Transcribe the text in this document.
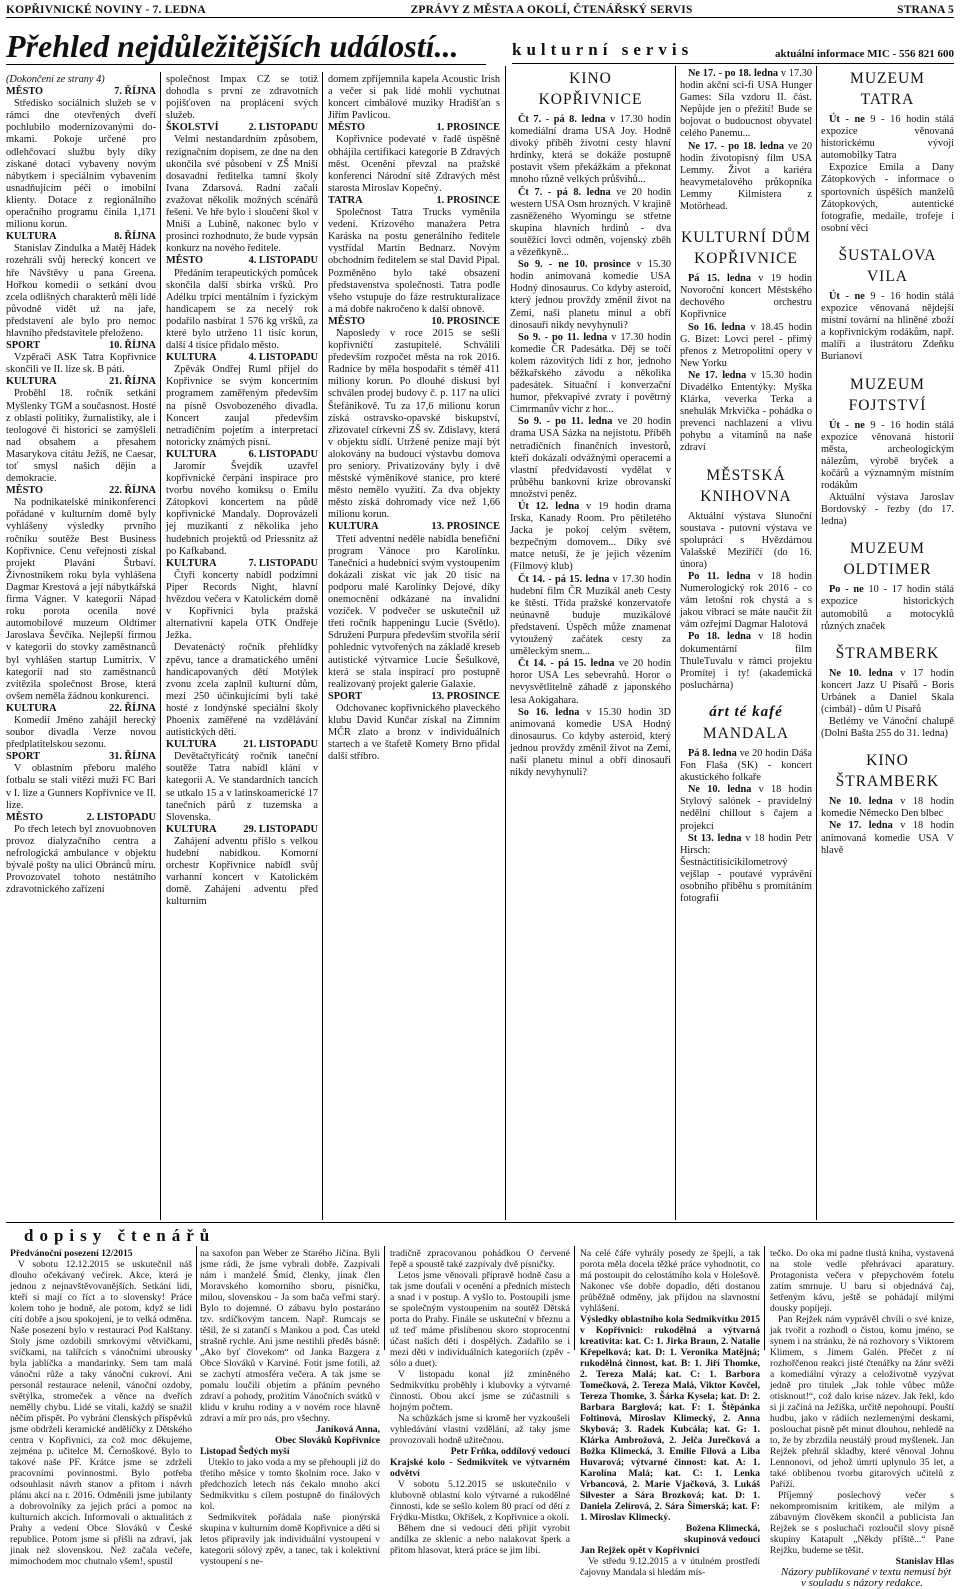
KOPŘIVNICKÉ NOVINY - 7. LEDNA	ZPRÁVY Z MĚSTA A OKOLÍ, ČTENÁŘSKÝ SERVIS	STRANA 5
Přehled nejdůležitějších událostí...	kulturní servis	aktuální informace MIC - 556 821 600

(Dokončení ze strany 4)

MĚSTO	7. ŘÍJNA

Středisko sociálních služeb se v rámci dne otevřených dveří pochlubilo modernizovanými do-mkami. Pokoje určené pro odlehčovací službu byly díky získané dotaci vybaveny novým nábytkem i speciálním vybavením usnadňujícím péči o imobilní klienty. Dotace z regionálního operačního programu činila 1,171 milionu korun.

KULTURA	8. ŘÍJNA

Stanislav Zindulka a Matěj Hádek rozehráli svůj herecký koncert ve hře Návštěvy u pana Greena. Hořkou komedii o setkání dvou zcela odlišných charakterů měli lidé původně vidět už na jaře, představení ale bylo pro nemoc hlavního představitele přeloženo.

SPORT	10. ŘÍJNA

Vzpěrači ASK Tatra Kopřivnice skončili ve II. lize sk. B pátí.

KULTURA	21. ŘÍJNA

Proběhl 18. ročník setkání Myšlenky TGM a současnost. Hosté z oblasti politiky, žurnalistiky, ale i teologové či historici se zamýšleli nad obsahem a přesahem Masarykova citátu Ježíš, ne Caesar, toť smysl našich dějin a demokracie.

MĚSTO	22. ŘÍJNA

Na podnikatelské minikonferenci pořádané v kulturním domě byly vyhlášeny výsledky prvního ročníku soutěže Best Business Kopřivnice. Cenu veřejnosti získal projekt Plavání Štrbaví. Živnostníkem roku byla vyhlášena Dagmar Krestová a její nábytkářská firma Vágner. V kategorii Nápad roku porota ocenila nové automobilové muzeum Oldtimer Jaroslava Ševčíka. Nejlepší firmou v kategorii do stovky zaměstnanců byl vyhlášen startup Lumitrix. V kategorii nad sto zaměstnanců zvítězila společnost Brose, která ovšem neměla žádnou konkurenci.

KULTURA	22. ŘÍJNA

Komedií Jméno zahájil herecký soubor divadla Verze novou předplatitelskou sezonu.

SPORT	31. ŘÍJNA

V oblastním přeboru malého fotbalu se stali vítězi muži FC Bari v I. lize a Gunners Kopřivnice ve II. lize.

MĚSTO	2. LISTOPADU

Po třech letech byl znovuobnoven provoz dialyzačního centra a nefrologická ambulance v objektu bývalé pošty na ulici Obránců míru. Provozovatel tohoto nestátního zdravotnického zařízení

společnost Impax CZ se totiž dohodla s první ze zdravotních pojišťoven na proplácení svých služeb.

ŠKOLSTVÍ	2. LISTOPADU

Velmi nestandardním způsobem, rezignačním dopisem, ze dne na den ukončila své působení v ZŠ Mniší dosavadní ředitelka tamní školy Ivana Zdarsová. Radní začali zvažovat několik možných scénářů řešení. Ve hře bylo i sloučení škol v Mniší a Lubině, nakonec bylo v prosinci rozhodnuto, že bude vypsán konkurz na nového ředitele.

MĚSTO	4. LISTOPADU

Předáním terapeutických pomůcek skončila další sbírka vršků. Pro Adélku trpící mentálním i fyzickým handicapem se za necelý rok podařilo nasbírat 1 576 kg vršků, za které bylo utrženo 11 tisíc korun, další 4 tisíce přidalo město.

KULTURA	4. LISTOPADU

Zpěvák Ondřej Ruml přijel do Kopřivnice se svým koncertním programem zaměřeným především na písně Osvobozeného divadla. Koncert zaujal především netradičním pojetím a interpretací notoricky známých písní.

KULTURA	6. LISTOPADU

Jaromír Švejdík uzavřel kopřivnické čerpání inspirace pro tvorbu nového komiksu o Emilu Zátopkovi koncertem na půdě kopřivnické Mandaly. Doprovázeli jej muzikanti z několika jeho hudebních projektů od Priessnitz až po Kafkaband.

KULTURA	7. LISTOPADU

Čtyři koncerty nabídl podzimní Piper Records Night, hlavní hvězdou večera v Katolickém domě v Kopřivnici byla pražská alternativní kapela OTK Ondřeje Ježka.

Devatenáctý ročník přehlídky zpěvu, tance a dramatického umění handicapovaných dětí Motýlek zvonu zcela zaplnil kulturní dům, mezi 250 účinkujícími byli také hosté z londýnské speciální školy Phoenix zaměřené na vzdělávání autistických dětí.

KULTURA	21. LISTOPADU

Devětačtyřicátý ročník taneční soutěže Tatra nabídl klání v kategorii A. Ve standardních tancích se utkalo 15 a v latinskoamerické 17 tanečních párů z tuzemska a Slovenska.

KULTURA	29. LISTOPADU

Zahájení adventu přišlo s velkou hudební nabídkou. Komorní orchestr Kopřivnice nabídl svůj varhanní koncert v Katolickém domě. Zahájení adventu před kulturním

domem zpříjemnila kapela Acoustic Irish a večer si pak lidé mohli vychutnat koncert cimbálové muziky Hradišťan s Jiřím Pavlicou.

MĚSTO	1. PROSINCE

Kopřivnice podevaté v řadě úspěšně obhájila certifikaci kategorie B Zdravých měst. Ocenění převzal na pražské konferenci Národní sítě Zdravých měst starosta Miroslav Kopečný.

TATRA	1. PROSINCE

Společnost Tatra Trucks vyměnila vedení. Krizového manažera Petra Karáska na postu generálního ředitele vystřídal Martin Bednarz. Novým obchodním ředitelem se stal David Pipal. Pozměněno bylo také obsazení představenstva společnosti. Tatra podle všeho vstupuje do fáze restrukturalizace a má dobře nakročeno k další obnově.

MĚSTO	10. PROSINCE

Naposledy v roce 2015 se sešli kopřivničtí zastupitelé. Schválili především rozpočet města na rok 2016. Radnice by měla hospodařit s téměř 411 miliony korun. Po dlouhé diskusi byl schválen prodej budovy č. p. 117 na ulici Štefánikově. Tu za 17,6 milionu korun získá ostravsko-opavské biskupství, zřizovatel církevní ZŠ sv. Zdislavy, která v objektu sídlí. Utržené peníze mají být alokovány na budoucí výstavbu domova pro seniory. Privatizovány byly i dvě městské výměníkové stanice, pro které město nemělo využití. Za dva objekty město získá dohromady více než 1,66 milionu korun.

KULTURA	13. PROSINCE

Třetí adventní neděle nabídla benefiční program Vánoce pro Karolínku. Tanečníci a hudebníci svým vystoupením dokázali získat víc jak 20 tisíc na podporu malé Karolínky Dejové, díky onemocnění odkázané na invalidní vozíček. V podvečer se uskutečnil už třetí ročník happeningu Lucie (Světlo). Sdružení Purpura především stvořila sérií pohlednic vytvořených na základě kreseb autistické výtvarnice Lucie Šešulkové, která se stala inspirací pro postupně realizovaný projekt galerie Galaxie.

SPORT	13. PROSINCE

Odchovanec kopřivnického plaveckého klubu David Kunčar získal na Zimním MČR zlato a bronz v individuálních startech a ve štafetě Komety Brno přidal další stříbro.

KINO
KOPŘIVNICE

Čt 7. - pá 8. ledna v 17.30 hodin komediální drama USA Joy. Hodně divoký příběh životní cesty hlavní hrdinky, která se dokáže postupně postavit všem překážkám a překonat mnoho různě velkých průšvihů...

Čt 7. - pá 8. ledna ve 20 hodin western USA Osm hrozných. V krajině zasněženého Wyomingu se střetne skupina hlavních hrdinů - dva soutěžící lovci odměn, vojenský zběh a vězeňkyně...

So 9. - ne 10. prosince v 15.30 hodin animovaná komedie USA Hodný dinosaurus. Co kdyby asteroid, který jednou provždy změnil život na Zemi, naši planetu minul a obří dinosauři nikdy nevyhynuli?

So 9. - po 11. ledna v 17.30 hodin komedie ČR Padesátka. Děj se točí kolem rázovitých lidí z hor, jednoho běžkařského závodu a několika padesátek. Situační i konverzační humor, překvapivé zvraty i povětrný Cimrmanův vichr z hor...

So 9. - po 11. ledna ve 20 hodin drama USA Sázka na nejistotu. Příběh netradičních finančních investorů, kteří dokázali odvážnými operacemi a vlastní předvídavostí vydělat v průběhu bankovní krize obrovanskí množství peněz.

Út 12. ledna v 19 hodin drama Irska, Kanady Room. Pro pětiletého Jacka je pokoj celým světem, bezpečným domovem... Díky své matce netuší, že je jejich vězením (Filmový klub)

Čt 14. - pá 15. ledna v 17.30 hodin hudební film ČR Muzikál aneb Cesty ke štěstí. Třída pražské konzervatoře neúnavně buduje muzikálové představení. Úspěch může znamenat vytoužený začátek cesty za uměleckým snem...

Čt 14. - pá 15. ledna ve 20 hodin horor USA Les sebevrahů. Horor o nevysvětlitelně záhadě z japonského lesa Aokigahara.

So 16. ledna v 15.30 hodin 3D animovaná komedie USA Hodný dinosaurus. Co kdyby asteroid, který jednou provždy změnil život na Zemi, naši planetu minul a obří dinosauři nikdy nevyhynuli?

Ne 17. - po 18. ledna v 17.30 hodin akční sci-fi USA Hunger Games: Síla vzdoru II. část. Nepůjde jen o přežití! Bude se bojovat o budoucnost obyvatel celého Panemu...

Ne 17. - po 18. ledna ve 20 hodin životopisný film USA Lemmy. Život a kariéra heavymetalového průkopníka Lemmy Kilmistera z Motörhead.

KULTURNÍ DŮM
KOPŘIVNICE

Pá 15. ledna v 19 hodin Novoroční koncert Městského dechového orchestru Kopřivnice

So 16. ledna v 18.45 hodin G. Bizet: Lovci perel - přímý přenos z Metropolitní opery v New Yorku

Ne 17. ledna v 15.30 hodin Divadélko Ententýky: Myška Klárka, veverka Terka a snehulák Mrkvička - pohádka o prevenci nachlazení a vlivu pohybu a vitamínů na naše zdraví

MĚSTSKÁ
KNIHOVNA

Aktuální výstava Slunoční soustava - putovní výstava ve spolupráci s Hvězdárnou Valašské Meziříčí (do 16. února)

Po 11. ledna v 18 hodin Numerologický rok 2016 - co vám letošní rok chystá a s jakou vibrací se máte naučit žít vám ozřejmí Dagmar Halotová

Po 18. ledna v 18 hodin dokumentární film ThuleTuvalu v rámci projektu Promítej i ty! (akademická posluchárna)

árt té kafé
MANDALA

Pá 8. ledna ve 20 hodin Dáša Fon Flaša (SK) - koncert akustického folkaře

Ne 10. ledna v 18 hodin Stylový salónek - pravidelný nedělní chillout s čajem a projekcí

St 13. ledna v 18 hodin Petr Hirsch: Šestnáctitisícikilometrový vejšlap - poutavé vyprávění osobního příběhu s promítáním fotografií

MUZEUM
TATRA

Út - ne 9 - 16 hodin stálá expozice věnovaná historickému vývoji automobilky Tatra

Expozice Emila a Dany Zátopkových - informace o sportovních úspěších manželů Zátopkových, autentické fotografie, medaile, trofeje i osobní věci

ŠUSTALOVA VILA

Út - ne 9 - 16 hodin stálá expozice věnovaná nějdejší místní tovární na hliněné zboží a kopřivnickým rodákům, např. malíři a ilustrátoru Zdeňku Burianovi

MUZEUM
FOJTSTVÍ

Út - ne 9 - 16 hodin stálá expozice věnovaná historii města, archeologickým nálezům, výrobě bryček a kočárů a významným místním rodákům

Aktuální výstava Jaroslav Bordovský - řezby (do 17. ledna)

MUZEUM
OLDTIMER

Po - ne 10 - 17 hodin stálá expozice historických automobilů a motocyklů různých značek

ŠTRAMBERK

Ne 10. ledna v 17 hodin koncert Jazz U Písařů - Boris Urbánek a Daniel Skala (cimbál) - dům U Písařů

Betlémy ve Vánoční chalupě (Dolní Bašta 255 do 31. ledna)

KINO
ŠTRAMBERK

Ne 10. ledna v 18 hodin komedie Německo Den blbec

Ne 17. ledna v 18 hodin animovaná komedie USA V hlavě

dopisy čtenářů

Předvánoční posezení 12/2015

V sobotu 12.12.2015 se uskutečnil náš dlouho očekávaný večírek. Akce, která je jednou z nejnavštěvovanějších. Setkání lidí, kteří si mají co říct a to slovensky! Práce kolem toho je hodně, ale potom, když se lidi cítí dobře a jsou spokojení, je to velká odměna. Naše posezení bylo v restauraci Pod Kalštany. Stoly jsme ozdobili smrkovými větvičkami, svíčkami, na talířcích s vánočními ubrousky byla jablíčka a mandarinky. Sem tam malá vánoční růže a taky vánoční cukroví. Ani personál restaurace nelenil, vánoční ozdoby, světýlka, stromeček a věnce na dveřích nemělly chybu. Lidé se vítali, každý se snažil něčím přispět. Po vybrání členských příspěvků jsme obdrželi keramické andělíčky z Dětského centra v Kopřivnici, za což moc děkujeme, zejména p. učitelce M. Černoškové. Bylo to takové naše PF. Krátce jsme se zdrželi pracovními povinnostmi. Bylo potřeba odsouhlasit návrh stanov a přitom i návrh plánu akcí na r. 2016. Odměnili jsme jubilanty a dobrovolníky za jejich práci a pomoc na kulturních akcích. Informovali o aktualitách z Prahy a vedení Obce Slováků v České republice. Potom jsme si přišli na zdraví, jak jinak než slovenskou. Než začala večeře, mimochodem moc chutnalo všem!, spustil

na saxofon pan Weber ze Starého Jičína. Byli jsme rádi, že jsme vybrali dobře. Zazpívali nám i manželé Šmíd, členky, jinak člen Moravského komorního sboru, písničku, milou, slovenskou - Ja som bača veľmi starý. Bylo to dojemné. O zábavu bylo postaráno tzv. srdíčkovým tancem. Např. Rumcajs se těšil, že si zatančí s Mankou a pod. Čas utekl strašně rychle. Ani jsme nestihli předěs básně: „Ako byť človekom“ od Janka Bazgera z Obce Slováků v Karviné. Fotit jsme fotili, až se zachytí atmosféra večera. A tak jsme se pomalu loučili objetím a přáním pevného zdraví a pohody, prožitím Vánočních svátků v klidu v kruhu rodiny a v novém roce hlavně zdraví a mír pro nás, pro všechny.

Janíková Anna,

Obec Slováků Kopřivnice

Listopad Šedých myší

Uteklo to jako voda a my se přehoupli již do třetího měsíce v tomto školním roce. Jako v předchozích letech nás čekalo mnoho akcí Sedmikvítku s cílem postupně do finálových kol.

Sedmikvítek pořádala naše pionýrská skupina v kulturním domě Kopřivnice a děti si letos připravily jak individuální vystoupení v kategorii sólový zpěv, a tanec, tak i kolektivní vystoupení s ne-

tradičně zpracovanou pohádkou O červené řepě a spoustě také zazpívaly dvě písničky.

Letos jsme věnovali přípravě hodně času a tak jsme doufali v ocenění a předních místech a snad i v postup. A vyšlo to. Postoupili jsme se společným vystoupením na soutěž Dětská porta do Prahy. Finále se uskuteční v březnu a už teď máme přislíbenou skoro stoprocentní účast našich dětí i dospělých. Zadařilo se i mezi děti v individuálních kategoriích (zpěv - sólo a duet).

V listopadu konal již zmíněného Sedmikvítku proběhly i klubovky a výtvarné činnosti. Obou akcí jsme se zúčastnili s hojným počtem.

Na schůzkách jsme si kromě her vyzkoušeli vyhledávání vlastní vzdělání, až taky jsme provozovali hodně užitečnou.

Petr Frňka, oddílový vedoucí

Krajské kolo - Sedmikvítek ve výtvarném odvětví

V sobotu 5.12.2015 se uskutečnilo v klubovně oblastní kolo výtvarné a rukodělné činnosti, kde se sešlo kolem 80 prací od dětí z Frýdku-Místku, Okříšek, z Kopřivnice a okolí.

Během dne si vedoucí děti přijít vyrobit andílka ze sklenic a nebo nalakovat šperk a přitom hlasovat, která práce se jim líbí.

Na celé čáře vyhrály posedy ze špejlí, a tak porota měla docela těžké práce vyhodnotit, co má postoupit do celostátního kola v Holešově. Nakonec vše dobře dopadlo, děti dostanou průběžně odměny, jak přijdou na slavnostní vyhlášení.

Výsledky oblastního kola Sedmikvítku 2015 v Kopřivnici: rukodělná a výtvarná kreativita: kat. C: 1. Jirka Braun, 2. Natalie Křepelková; kat. D: 1. Veronika Matějná; rukodělná činnost, kat. B: 1. Jiří Thomke, 2. Tereza Malá; kat. C: 1. Barbora Tomečková, 2. Tereza Malá, Viktor Kovčel, Tereza Thomke, 3. Šárka Kysela; kat. D: 2. Barbara Barglová; kat. F: 1. Štěpánka Foltinová, Miroslav Klimecký, 2. Anna Skybová; 3. Radek Kubcála; kat. G: 1. Klárka Ambrožová, 2. Jelča Jurečková a Božka Klimecká, 3. Emilie Filová a Liba Huvarová; výtvarné činnost: kat. A: 1. Karolína Malá; kat. C: 1. Lenka Vrbancová, 2. Marie Vjačková, 3. Lukáš Silvester a Sára Brozková; kat. D: 1. Daniela Zelírová, 2. Sára Šimerská; kat. F: 1. Miroslav Klimecký.

Božena Klimecká,

skupinová vedoucí

Jan Rejžek opět v Kopřivnici

Ve středu 9.12.2015 a v útulném prostředí čajovny Mandala si hledám mís-

tečko. Do oka mi padne tlustá kniha, vystavená na stole vedle přehrávací aparatury. Protagonista večera v přepychovém fotelu zatím smrnuje. U baru si objednává čaj, šetřeným kávu, ještě se pohádají milými dousky popíjejí.

Pan Rejžek nám vyprávěl chvíli o své knize, jak tvořit a rozhodl o čistou, komu jméno, se synem i na stránku, že ná rozhovory s Viktorem Klimem, s Jimem Galén. Přečet z ní rozhořčenou reakci jisté čtenářky na žánr svěži a komediální výrazy a celoživotně vyzývat jedně pro titulek „Jak tohle vůbec může otisknout!“, což dalo krise název. Jak řekl, kdo si ji začíná na Ježíška, určitě nepohoupí. Pouští hudbu, jako v rádiích nezlemenými deskami, poslouchat písně pět minut dlouhou, nehledě na to, že by zbrzdila neustálý proud myšlenek. Jan Rejžek přehrál skladby, které věnoval Johnu Lennonovi, od jehož úmrtí uplynulo 35 let, a také oblíbenou tvorbu gitarových učitelů z Paříží.

Příjemný poslechový večer s nekompromisním kritikem, ale milým a zábavným člověkem skončil a publicista Jan Rejžek se s posluchači rozloučil slovy písně skupiny Katapult „Někdy příště...“ Pane Rejžku, budeme se těšit.

Stanislav Hlas

Názory publikované v textu nemusí být v souladu s názory redakce.
